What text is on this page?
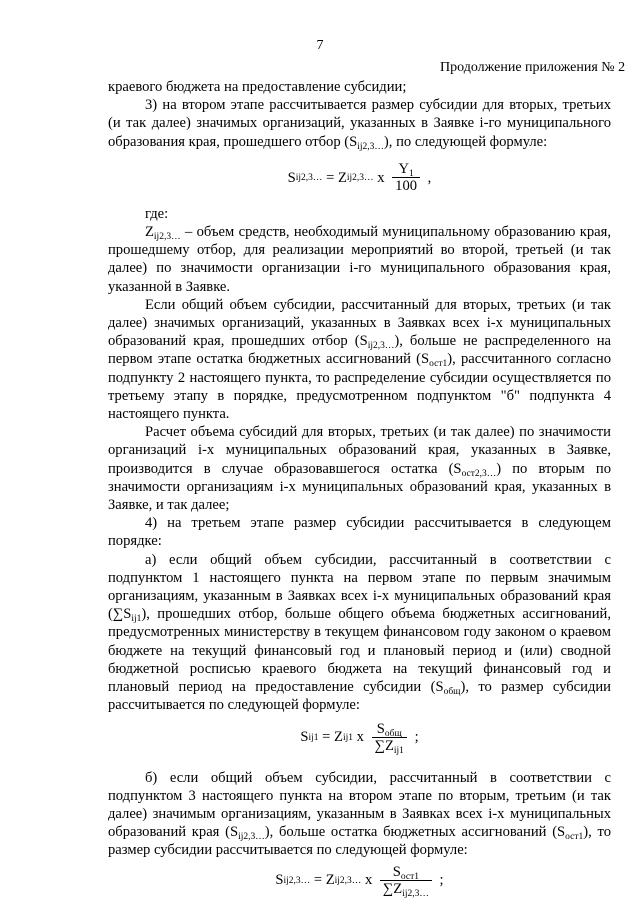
7
Продолжение приложения № 2

краевого бюджета на предоставление субсидии;

3) на втором этапе рассчитывается размер субсидии для вторых, третьих (и так далее) значимых организаций, указанных в Заявке i-го муниципального образования края, прошедшего отбор $(S_{ij2,3\dots})$, по следующей формуле:

S ij2,3… = Z ij2,3… x $\frac{Y_1}{100}$ ,

где:

$Z_{ij2,3\dots}$ – объем средств, необходимый муниципальному образованию края, прошедшему отбор, для реализации мероприятий во второй, третьей (и так далее) по значимости организации i-го муниципального образования края, указанной в Заявке.

Если общий объем субсидии, рассчитанный для вторых, третьих (и так далее) значимых организаций, указанных в Заявках всех i-х муниципальных образований края, прошедших отбор $(S_{ij2,3\dots})$, больше не распределенного на первом этапе остатка бюджетных ассигнований $(S_{ост1})$, рассчитанного согласно подпункту 2 настоящего пункта, то распределение субсидии осуществляется по третьему этапу в порядке, предусмотренном подпунктом "б" подпункта 4 настоящего пункта.

Расчет объема субсидий для вторых, третьих (и так далее) по значимости организаций i-х муниципальных образований края, указанных в Заявке, производится в случае образовавшегося остатка $(S_{ост2,3\dots})$ по вторым по значимости организациям i-х муниципальных образований края, указанных в Заявке, и так далее;

4) на третьем этапе размер субсидии рассчитывается в следующем порядке:

а) если общий объем субсидии, рассчитанный в соответствии с подпунктом 1 настоящего пункта на первом этапе по первым значимым организациям, указанным в Заявках всех i-х муниципальных образований края $(\sum S_{ij1})$, прошедших отбор, больше общего объема бюджетных ассигнований, предусмотренных министерству в текущем финансовом году законом о краевом бюджете на текущий финансовый год и плановый период и (или) сводной бюджетной росписью краевого бюджета на текущий финансовый год и плановый период на предоставление субсидии $(S_{общ})$, то размер субсидии рассчитывается по следующей формуле:

S ij1 = Z ij1 x $\frac{S_{общ}}{\sum Z_{ij1}}$ ;

б) если общий объем субсидии, рассчитанный в соответствии с подпунктом 3 настоящего пункта на втором этапе по вторым, третьим (и так далее) значимым организациям, указанным в Заявках всех i-х муниципальных образований края $(S_{ij2,3\dots})$, больше остатка бюджетных ассигнований $(S_{ост1})$, то размер субсидии рассчитывается по следующей формуле:

S ij2,3… = Z ij2,3… x $\frac{S_{ост1}}{\sum Z_{ij2,3\dots}}$ ;
